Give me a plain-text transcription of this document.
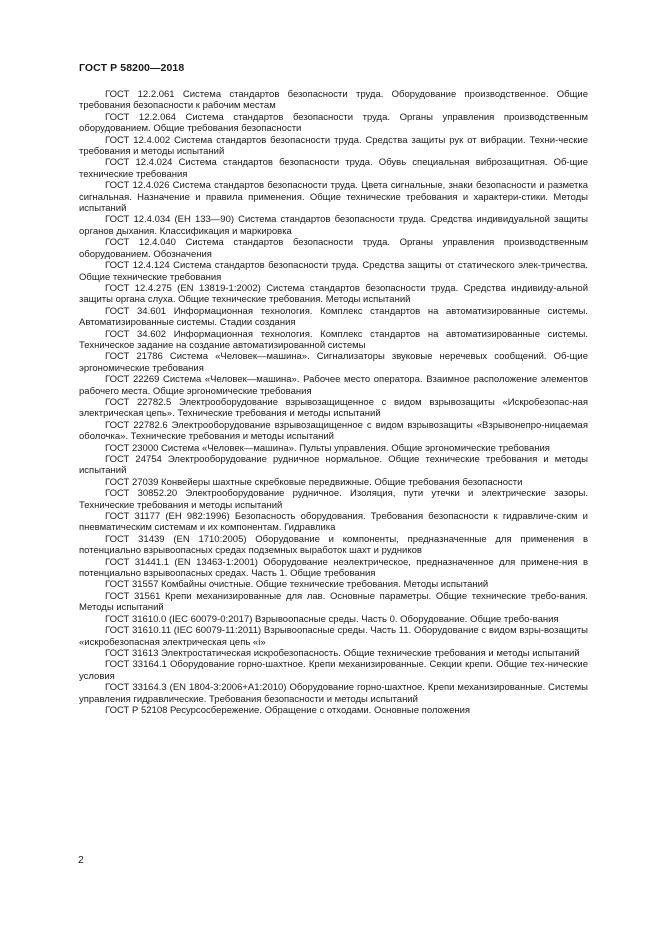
ГОСТ Р 58200—2018

ГОСТ 12.2.061 Система стандартов безопасности труда. Оборудование производственное. Общие требования безопасности к рабочим местам

ГОСТ 12.2.064 Система стандартов безопасности труда. Органы управления производственным оборудованием. Общие требования безопасности

ГОСТ 12.4.002 Система стандартов безопасности труда. Средства защиты рук от вибрации. Техни-ческие требования и методы испытаний

ГОСТ 12.4.024 Система стандартов безопасности труда. Обувь специальная виброзащитная. Об-щие технические требования

ГОСТ 12.4.026 Система стандартов безопасности труда. Цвета сигнальные, знаки безопасности и разметка сигнальная. Назначение и правила применения. Общие технические требования и характери-стики. Методы испытаний

ГОСТ 12.4.034 (ЕН 133—90) Система стандартов безопасности труда. Средства индивидуальной защиты органов дыхания. Классификация и маркировка

ГОСТ 12.4.040 Система стандартов безопасности труда. Органы управления производственным оборудованием. Обозначения

ГОСТ 12.4.124 Система стандартов безопасности труда. Средства защиты от статического элек-тричества. Общие технические требования

ГОСТ 12.4.275 (EN 13819-1:2002) Система стандартов безопасности труда. Средства индивиду-альной защиты органа слуха. Общие технические требования. Методы испытаний

ГОСТ 34.601 Информационная технология. Комплекс стандартов на автоматизированные системы. Автоматизированные системы. Стадии создания

ГОСТ 34.602 Информационная технология. Комплекс стандартов на автоматизированные системы. Техническое задание на создание автоматизированной системы

ГОСТ 21786 Система «Человек—машина». Сигнализаторы звуковые неречевых сообщений. Об-щие эргономические требования

ГОСТ 22269 Система «Человек—машина». Рабочее место оператора. Взаимное расположение элементов рабочего места. Общие эргономические требования

ГОСТ 22782.5 Электрооборудование взрывозащищенное с видом взрывозащиты «Искробезопас-ная электрическая цепь». Технические требования и методы испытаний

ГОСТ 22782.6 Электрооборудование взрывозащищенное с видом взрывозащиты «Взрывонепро-ницаемая оболочка». Технические требования и методы испытаний

ГОСТ 23000 Система «Человек—машина». Пульты управления. Общие эргономические требования

ГОСТ 24754 Электрооборудование рудничное нормальное. Общие технические требования и методы испытаний

ГОСТ 27039 Конвейеры шахтные скребковые передвижные. Общие требования безопасности

ГОСТ 30852.20 Электрооборудование рудничное. Изоляция, пути утечки и электрические зазоры. Технические требования и методы испытаний

ГОСТ 31177 (ЕН 982:1996) Безопасность оборудования. Требования безопасности к гидравличе-ским и пневматическим системам и их компонентам. Гидравлика

ГОСТ 31439 (EN 1710:2005) Оборудование и компоненты, предназначенные для применения в потенциально взрывоопасных средах подземных выработок шахт и рудников

ГОСТ 31441.1 (EN 13463-1:2001) Оборудование неэлектрическое, предназначенное для примене-ния в потенциально взрывоопасных средах. Часть 1. Общие требования

ГОСТ 31557 Комбайны очистные. Общие технические требования. Методы испытаний

ГОСТ 31561 Крепи механизированные для лав. Основные параметры. Общие технические требо-вания. Методы испытаний

ГОСТ 31610.0 (IEC 60079-0:2017) Взрывоопасные среды. Часть 0. Оборудование. Общие требо-вания

ГОСТ 31610.11 (IEC 60079-11:2011) Взрывоопасные среды. Часть 11. Оборудование с видом взры-возащиты «искробезопасная электрическая цепь «i»

ГОСТ 31613 Электростатическая искробезопасность. Общие технические требования и методы испытаний

ГОСТ 33164.1 Оборудование горно-шахтное. Крепи механизированные. Секции крепи. Общие тех-нические условия

ГОСТ 33164.3 (EN 1804-3:2006+A1:2010) Оборудование горно-шахтное. Крепи механизированные. Системы управления гидравлические. Требования безопасности и методы испытаний

ГОСТ Р 52108 Ресурсосбережение. Обращение с отходами. Основные положения

2
